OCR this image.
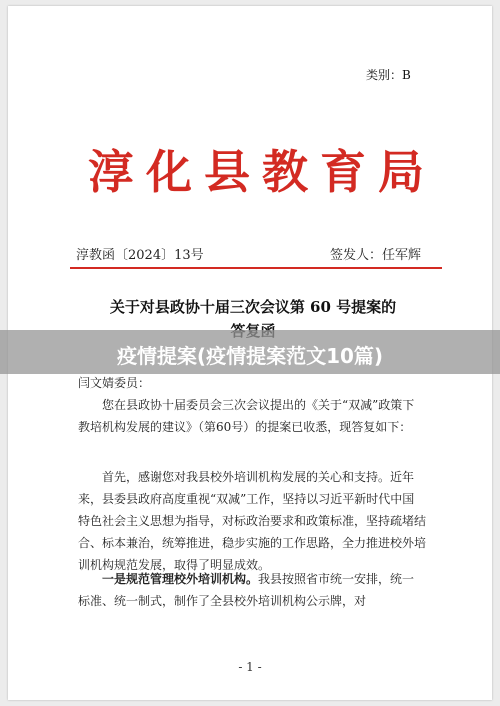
类别：B
淳化县教育局
淳教函〔2024〕13号	签发人：任军辉
关于对县政协十届三次会议第 60 号提案的
闫文婧委员：
您在县政协十届委员会三次会议提出的《关于“双减”政策下教培机构发展的建议》（第60号）的提案已收悉，现答复如下：
首先，感谢您对我县校外培训机构发展的关心和支持。近年来，县委县政府高度重视“双减”工作，坚持以习近平新时代中国特色社会主义思想为指导，对标政治要求和政策标准，坚持疏堵结合、标本兼治，统筹推进，稳步实施的工作思路，全力推进校外培训机构规范发展，取得了明显成效。
一是规范管理校外培训机构。我县按照省市统一安排，统一标准、统一制式，制作了全县校外培训机构公示牌，对
疫情提案(疫情提案范文10篇)
- 1 -
